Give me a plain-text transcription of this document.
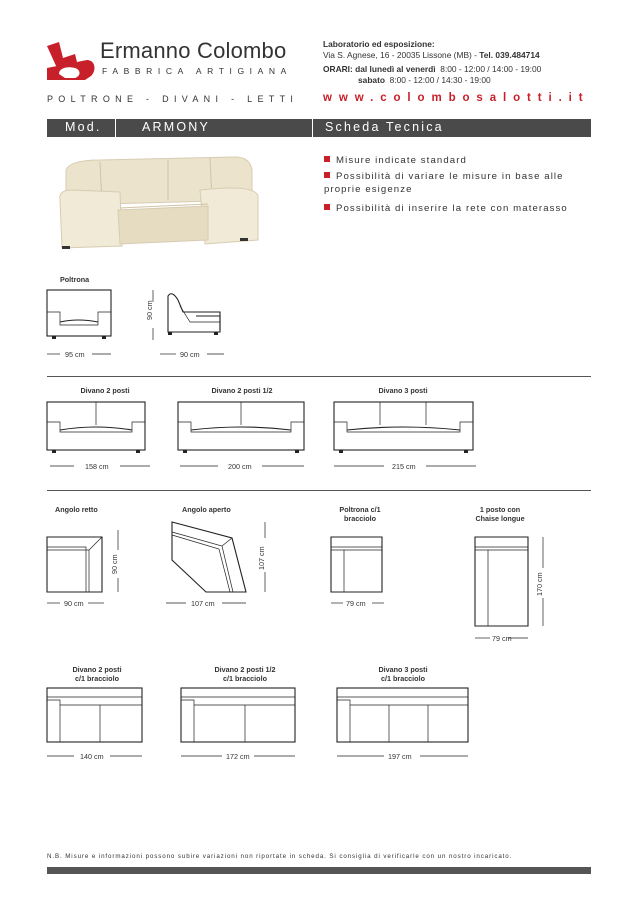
Ermanno Colombo
FABBRICA ARTIGIANA
POLTRONE - DIVANI - LETTI
Laboratorio ed esposizione:
Via S. Agnese, 16 - 20035 Lissone (MB) - Tel. 039.484714
ORARI: dal lunedì al venerdì 8:00 - 12:00 / 14:00 - 19:00
sabato 8:00 - 12:00 / 14:30 - 19:00
www.colombosalotti.it
Mod.	ARMONY	Scheda Tecnica
Misure indicate standard
Possibilità di variare le misure in base alle proprie esigenze
Possibilità di inserire la rete con materasso
Poltrona
95 cm	90 cm
90 cm
Divano 2 posti	Divano 2 posti 1/2	Divano 3 posti
158 cm	200 cm	215 cm
Angolo retto	Angolo aperto	Poltrona c/1
bracciolo
1 posto con
Chaise longue
90 cm
90 cm
107 cm
107 cm
79 cm
79 cm
170 cm
Divano 2 posti
c/1 bracciolo
Divano 2 posti 1/2
c/1 bracciolo
Divano 3 posti
c/1 bracciolo
140 cm	172 cm	197 cm
N.B. Misure e informazioni possono subire variazioni non riportate in scheda. Si consiglia di verificarle con un nostro incaricato.
